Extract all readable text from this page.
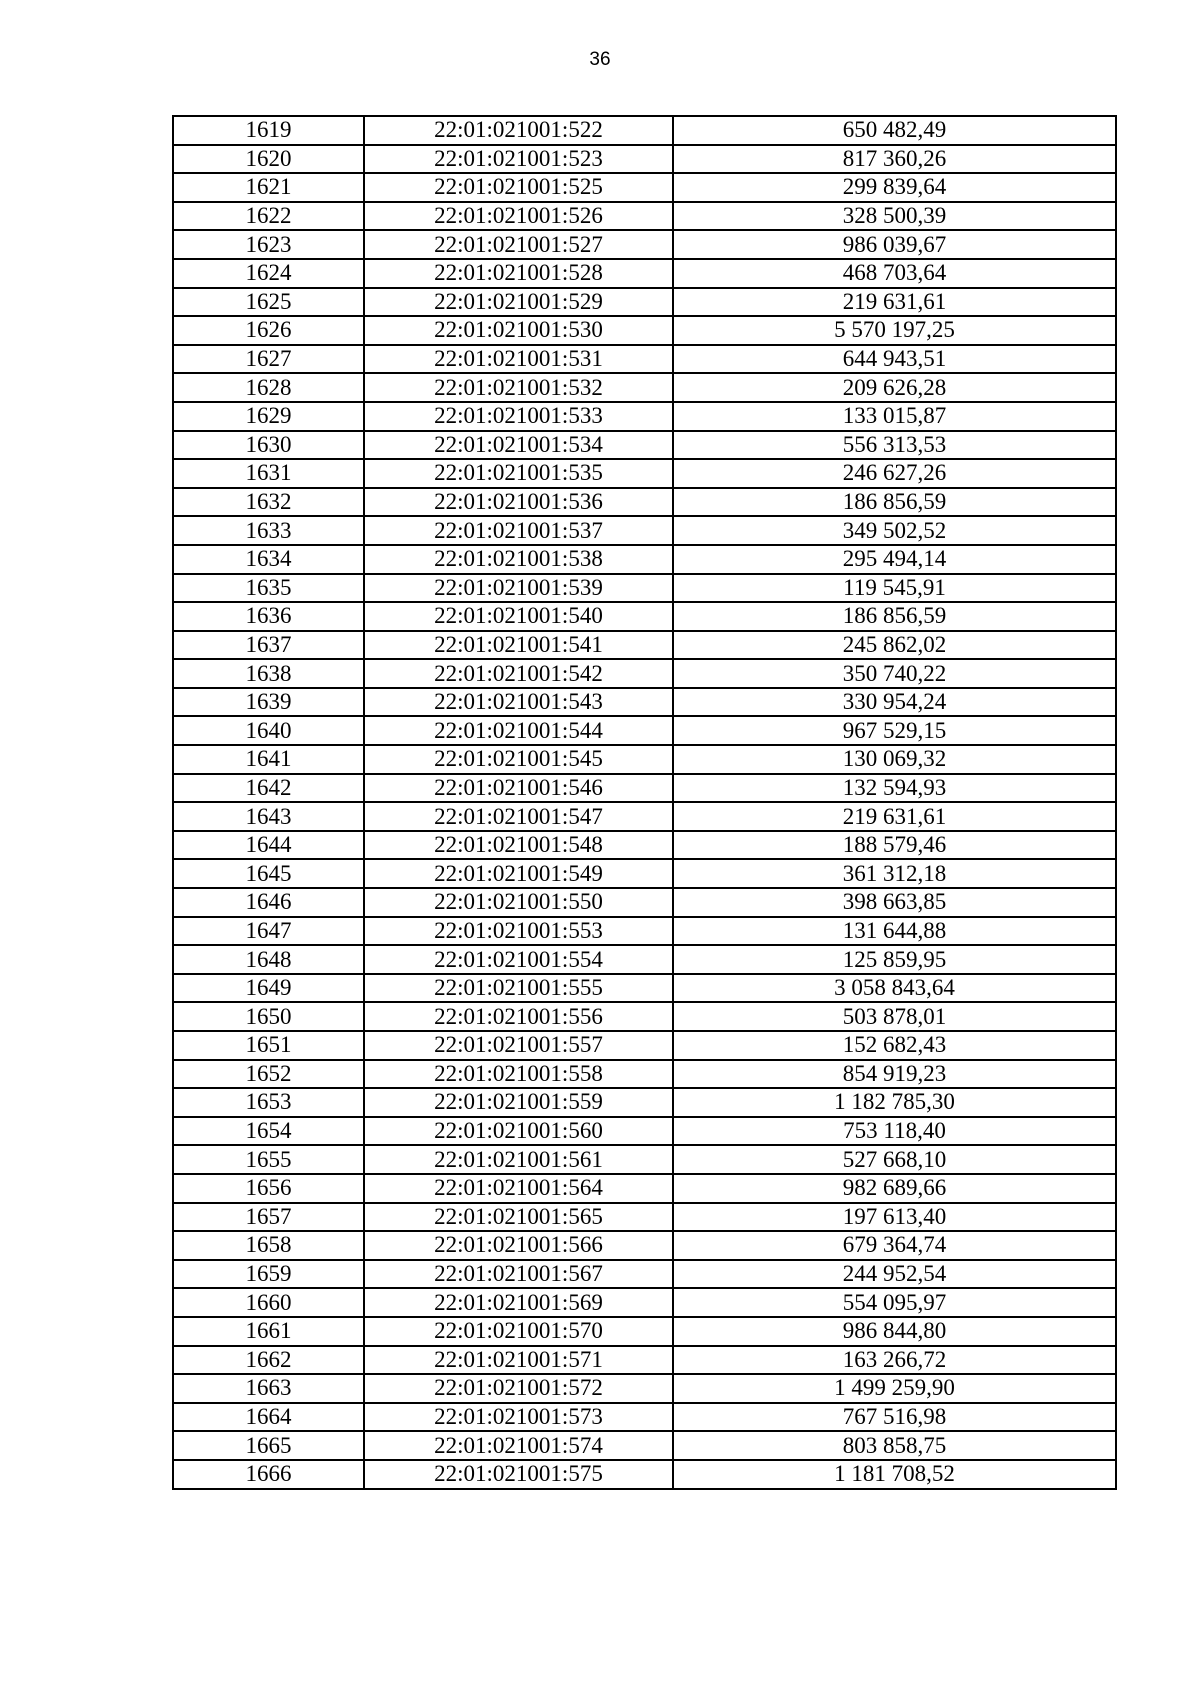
36
1619	22:01:021001:522	650 482,49
1620	22:01:021001:523	817 360,26
1621	22:01:021001:525	299 839,64
1622	22:01:021001:526	328 500,39
1623	22:01:021001:527	986 039,67
1624	22:01:021001:528	468 703,64
1625	22:01:021001:529	219 631,61
1626	22:01:021001:530	5 570 197,25
1627	22:01:021001:531	644 943,51
1628	22:01:021001:532	209 626,28
1629	22:01:021001:533	133 015,87
1630	22:01:021001:534	556 313,53
1631	22:01:021001:535	246 627,26
1632	22:01:021001:536	186 856,59
1633	22:01:021001:537	349 502,52
1634	22:01:021001:538	295 494,14
1635	22:01:021001:539	119 545,91
1636	22:01:021001:540	186 856,59
1637	22:01:021001:541	245 862,02
1638	22:01:021001:542	350 740,22
1639	22:01:021001:543	330 954,24
1640	22:01:021001:544	967 529,15
1641	22:01:021001:545	130 069,32
1642	22:01:021001:546	132 594,93
1643	22:01:021001:547	219 631,61
1644	22:01:021001:548	188 579,46
1645	22:01:021001:549	361 312,18
1646	22:01:021001:550	398 663,85
1647	22:01:021001:553	131 644,88
1648	22:01:021001:554	125 859,95
1649	22:01:021001:555	3 058 843,64
1650	22:01:021001:556	503 878,01
1651	22:01:021001:557	152 682,43
1652	22:01:021001:558	854 919,23
1653	22:01:021001:559	1 182 785,30
1654	22:01:021001:560	753 118,40
1655	22:01:021001:561	527 668,10
1656	22:01:021001:564	982 689,66
1657	22:01:021001:565	197 613,40
1658	22:01:021001:566	679 364,74
1659	22:01:021001:567	244 952,54
1660	22:01:021001:569	554 095,97
1661	22:01:021001:570	986 844,80
1662	22:01:021001:571	163 266,72
1663	22:01:021001:572	1 499 259,90
1664	22:01:021001:573	767 516,98
1665	22:01:021001:574	803 858,75
1666	22:01:021001:575	1 181 708,52
